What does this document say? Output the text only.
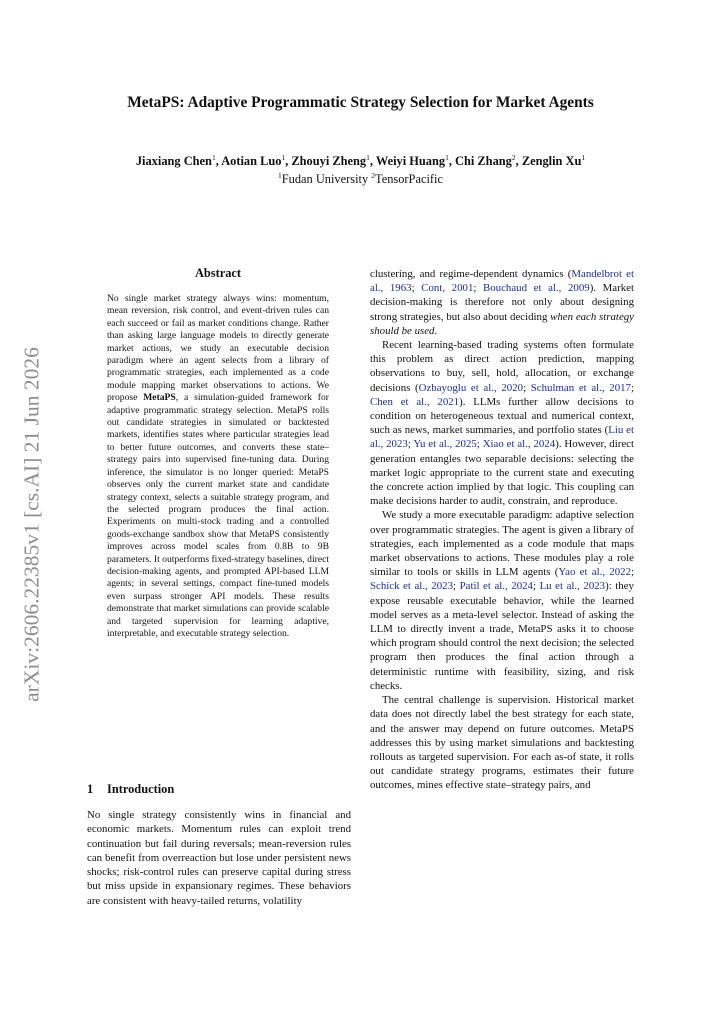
MetaPS: Adaptive Programmatic Strategy Selection for Market Agents
Jiaxiang Chen$^1$, Aotian Luo$^1$, Zhouyi Zheng$^1$, Weiyi Huang$^1$, Chi Zhang$^2$, Zenglin Xu$^1$
$^1$Fudan University $^2$TensorPacific
arXiv:2606.22385v1 [cs.AI] 21 Jun 2026
Abstract

No single market strategy always wins: momentum, mean reversion, risk control, and event-driven rules can each succeed or fail as market conditions change. Rather than asking large language models to directly generate market actions, we study an executable decision paradigm where an agent selects from a library of programmatic strategies, each implemented as a code module mapping market observations to actions. We propose MetaPS, a simulation-guided framework for adaptive programmatic strategy selection. MetaPS rolls out candidate strategies in simulated or backtested markets, identifies states where particular strategies lead to better future outcomes, and converts these state–strategy pairs into supervised fine-tuning data. During inference, the simulator is no longer queried: MetaPS observes only the current market state and candidate strategy context, selects a suitable strategy program, and the selected program produces the final action. Experiments on multi-stock trading and a controlled goods-exchange sandbox show that MetaPS consistently improves across model scales from 0.8B to 9B parameters. It outperforms fixed-strategy baselines, direct decision-making agents, and prompted API-based LLM agents; in several settings, compact fine-tuned models even surpass stronger API models. These results demonstrate that market simulations can provide scalable and targeted supervision for learning adaptive, interpretable, and executable strategy selection.

1 Introduction

No single strategy consistently wins in financial and economic markets. Momentum rules can exploit trend continuation but fail during reversals; mean-reversion rules can benefit from overreaction but lose under persistent news shocks; risk-control rules can preserve capital during stress but miss upside in expansionary regimes. These behaviors are consistent with heavy-tailed returns, volatility

clustering, and regime-dependent dynamics (Mandelbrot et al., 1963; Cont, 2001; Bouchaud et al., 2009). Market decision-making is therefore not only about designing strong strategies, but also about deciding when each strategy should be used.

Recent learning-based trading systems often formulate this problem as direct action prediction, mapping observations to buy, sell, hold, allocation, or exchange decisions (Ozbayoglu et al., 2020; Schulman et al., 2017; Chen et al., 2021). LLMs further allow decisions to condition on heterogeneous textual and numerical context, such as news, market summaries, and portfolio states (Liu et al., 2023; Yu et al., 2025; Xiao et al., 2024). However, direct generation entangles two separable decisions: selecting the market logic appropriate to the current state and executing the concrete action implied by that logic. This coupling can make decisions harder to audit, constrain, and reproduce.

We study a more executable paradigm: adaptive selection over programmatic strategies. The agent is given a library of strategies, each implemented as a code module that maps market observations to actions. These modules play a role similar to tools or skills in LLM agents (Yao et al., 2022; Schick et al., 2023; Patil et al., 2024; Lu et al., 2023): they expose reusable executable behavior, while the learned model serves as a meta-level selector. Instead of asking the LLM to directly invent a trade, MetaPS asks it to choose which program should control the next decision; the selected program then produces the final action through a deterministic runtime with feasibility, sizing, and risk checks.

The central challenge is supervision. Historical market data does not directly label the best strategy for each state, and the answer may depend on future outcomes. MetaPS addresses this by using market simulations and backtesting rollouts as targeted supervision. For each as-of state, it rolls out candidate strategy programs, estimates their future outcomes, mines effective state–strategy pairs, and
